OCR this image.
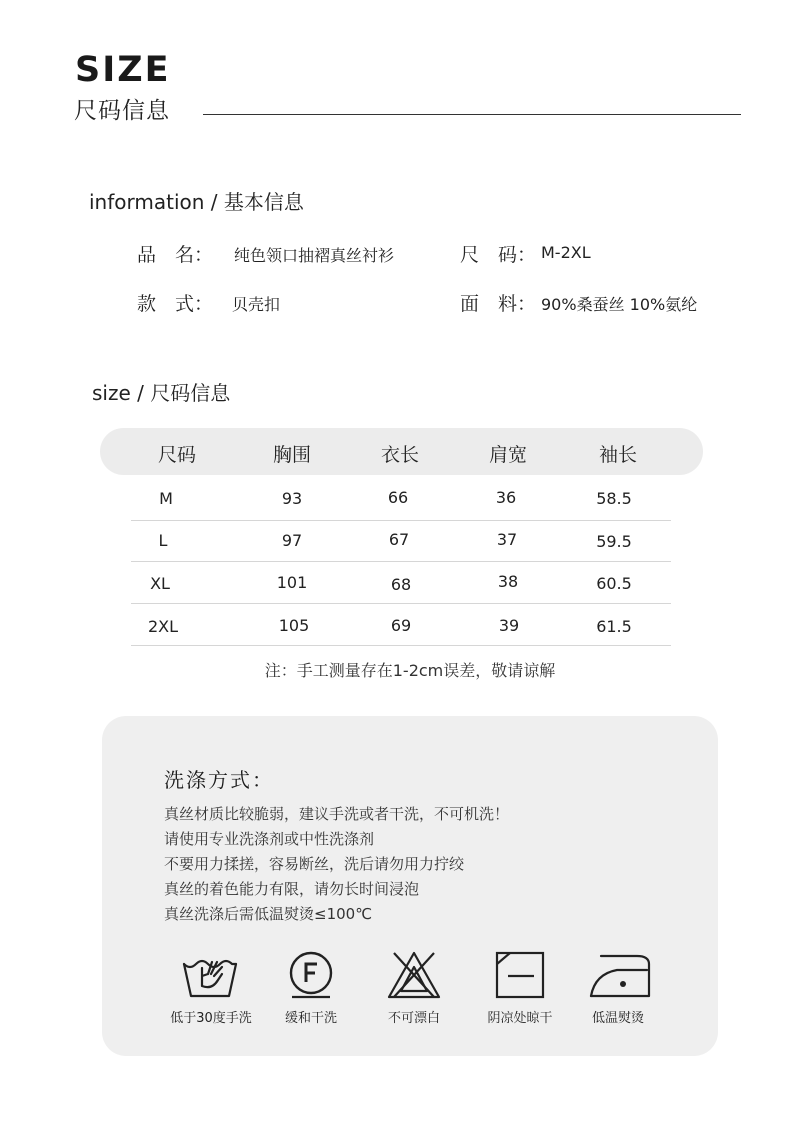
SIZE
尺码信息
information / 基本信息
品　名： 纯色领口抽褶真丝衬衫	尺　码： M-2XL
款　式： 贝壳扣	面　料： 90%桑蚕丝 10%氨纶
size / 尺码信息
尺码	胸围	衣长	肩宽	袖长
M	93	66	36	58.5
L	97	67	37	59.5
XL	101	68	38	60.5
2XL	105	69	39	61.5
注：手工测量存在1-2cm误差，敬请谅解
洗涤方式：
真丝材质比较脆弱，建议手洗或者干洗，不可机洗！
请使用专业洗涤剂或中性洗涤剂
不要用力揉搓，容易断丝，洗后请勿用力拧绞
真丝的着色能力有限，请勿长时间浸泡
真丝洗涤后需低温熨烫≤100℃
低于30度手洗	缓和干洗	不可漂白	阴凉处晾干	低温熨烫
